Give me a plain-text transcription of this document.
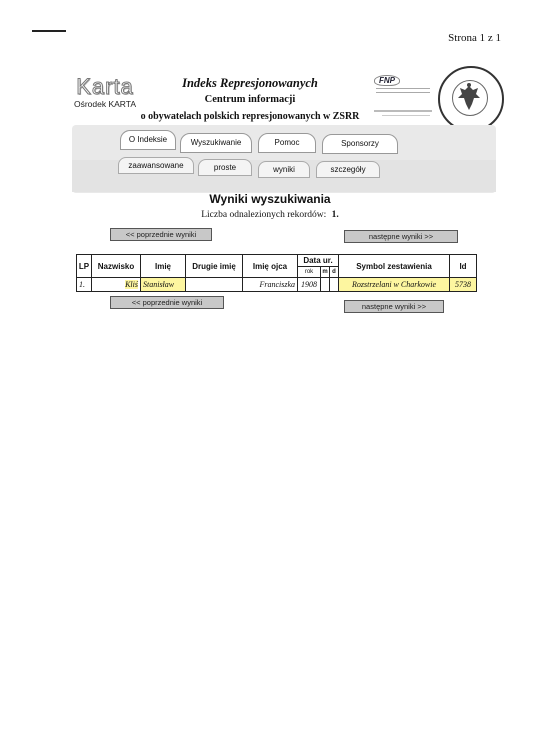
Strona 1 z 1
Karta
Ośrodek KARTA
Indeks Represjonowanych
Centrum informacji
o obywatelach polskich represjonowanych w ZSRR
FNP
O Indeksie	Wyszukiwanie	Pomoc	Sponsorzy
zaawansowane	proste	wyniki	szczegóły
Wyniki wyszukiwania
Liczba odnalezionych rekordów: 1.
<< poprzednie wyniki	następne wyniki >>
LP	Nazwisko	Imię	Drugie imię	Imię ojca	Data ur.			Symbol zestawienia	Id
					rok	m	d		
1.	Kliś	Stanisław		Franciszka	1908			Rozstrzelani w Charkowie	5738
<< poprzednie wyniki	następne wyniki >>
